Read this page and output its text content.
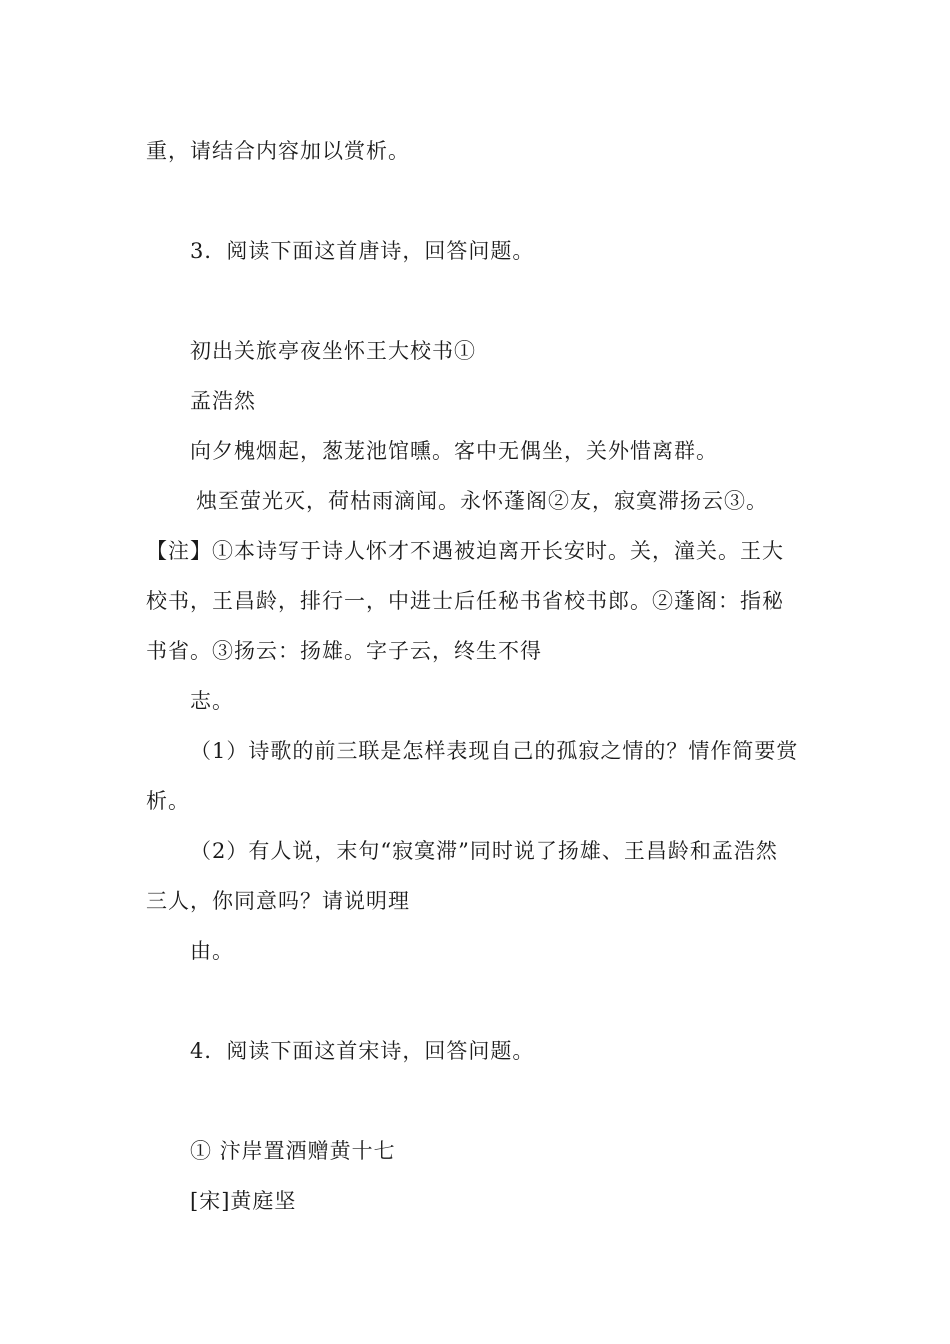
重，请结合内容加以赏析。
3．阅读下面这首唐诗，回答问题。
初出关旅亭夜坐怀王大校书①
孟浩然
向夕槐烟起，葱茏池馆曛。客中无偶坐，关外惜离群。
烛至萤光灭，荷枯雨滴闻。永怀蓬阁②友，寂寞滞扬云③。
【注】①本诗写于诗人怀才不遇被迫离开长安时。关，潼关。王大
校书，王昌龄，排行一，中进士后任秘书省校书郎。②蓬阁：指秘
书省。③扬云：扬雄。字子云，终生不得
志。
（1）诗歌的前三联是怎样表现自己的孤寂之情的？情作简要赏
析。
（2）有人说，末句“寂寞滞”同时说了扬雄、王昌龄和孟浩然
三人，你同意吗？请说明理
由。
4．阅读下面这首宋诗，回答问题。
① 汴岸置酒赠黄十七
[宋]黄庭坚
